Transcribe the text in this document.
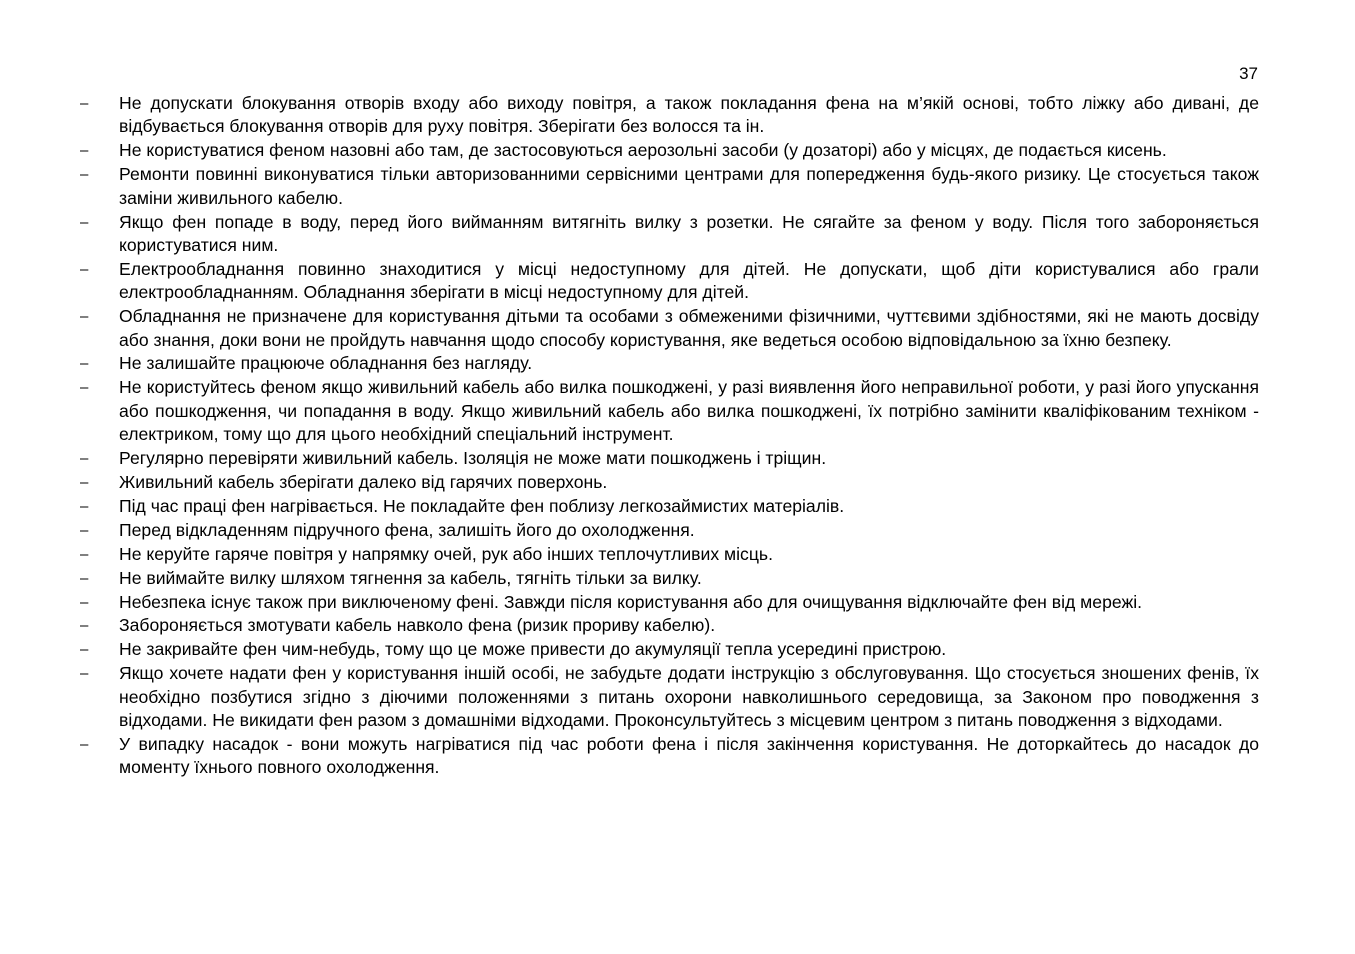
37
–	Не допускати блокування отворів входу або виходу повітря, а також покладання фена на м’якій основі, тобто ліжку або дивані, де відбувається блокування отворів для руху повітря. Зберігати без волосся та ін.
–	Не користуватися феном назовні або там, де застосовуються аерозольні засоби (у дозаторі) або у місцях, де подається кисень.
–	Ремонти повинні виконуватися тільки авторизованними сервісними центрами для попередження будь-якого ризику. Це стосується також заміни живильного кабелю.
–	Якщо фен попаде в воду, перед його вийманням витягніть вилку з розетки. Не сягайте за феном у воду. Після того забороняється користуватися ним.
–	Електрообладнання повинно знаходитися у місці недоступному для дітей. Не допускати, щоб діти користувалися або грали електрообладнанням. Обладнання зберігати в місці недоступному для дітей.
–	Обладнання не призначене для користування дітьми та особами з обмеженими фізичними, чуттєвими здібностями, які не мають досвіду або знання, доки вони не пройдуть навчання щодо способу користування, яке ведеться особою відповідальною за їхню безпеку.
–	Не залишайте працююче обладнання без нагляду.
–	Не користуйтесь феном якщо живильний кабель або вилка пошкоджені, у разі виявлення його неправильної роботи, у разі його упускання або пошкодження, чи попадання в воду. Якщо живильний кабель або вилка пошкоджені, їх потрібно замінити кваліфікованим техніком - електриком, тому що для цього необхідний спеціальний інструмент.
–	Регулярно перевіряти живильний кабель. Ізоляція не може мати пошкоджень і тріщин.
–	Живильний кабель зберігати далеко від гарячих поверхонь.
–	Під час праці фен нагрівається. Не покладайте фен поблизу легкозаймистих матеріалів.
–	Перед відкладенням підручного фена, залишіть його до охолодження.
–	Не керуйте гаряче повітря у напрямку очей, рук або інших теплочутливих місць.
–	Не виймайте вилку шляхом тягнення за кабель, тягніть тільки за вилку.
–	Небезпека існує також при виключеному фені. Завжди після користування або для очищування відключайте фен від мережі.
–	Забороняється змотувати кабель навколо фена (ризик прориву кабелю).
–	Не закривайте фен чим-небудь, тому що це може привести до акумуляції тепла усередині пристрою.
–	Якщо хочете надати фен у користування іншій особі, не забудьте додати інструкцію з обслуговування. Що стосується зношених фенів, їх необхідно позбутися згідно з діючими положеннями з питань охорони навколишнього середовища, за Законом про поводження з відходами. Не викидати фен разом з домашніми відходами. Проконсультуйтесь з місцевим центром з питань поводження з відходами.
–	У випадку насадок - вони можуть нагріватися під час роботи фена і після закінчення користування. Не доторкайтесь до насадок до моменту їхнього повного охолодження.
